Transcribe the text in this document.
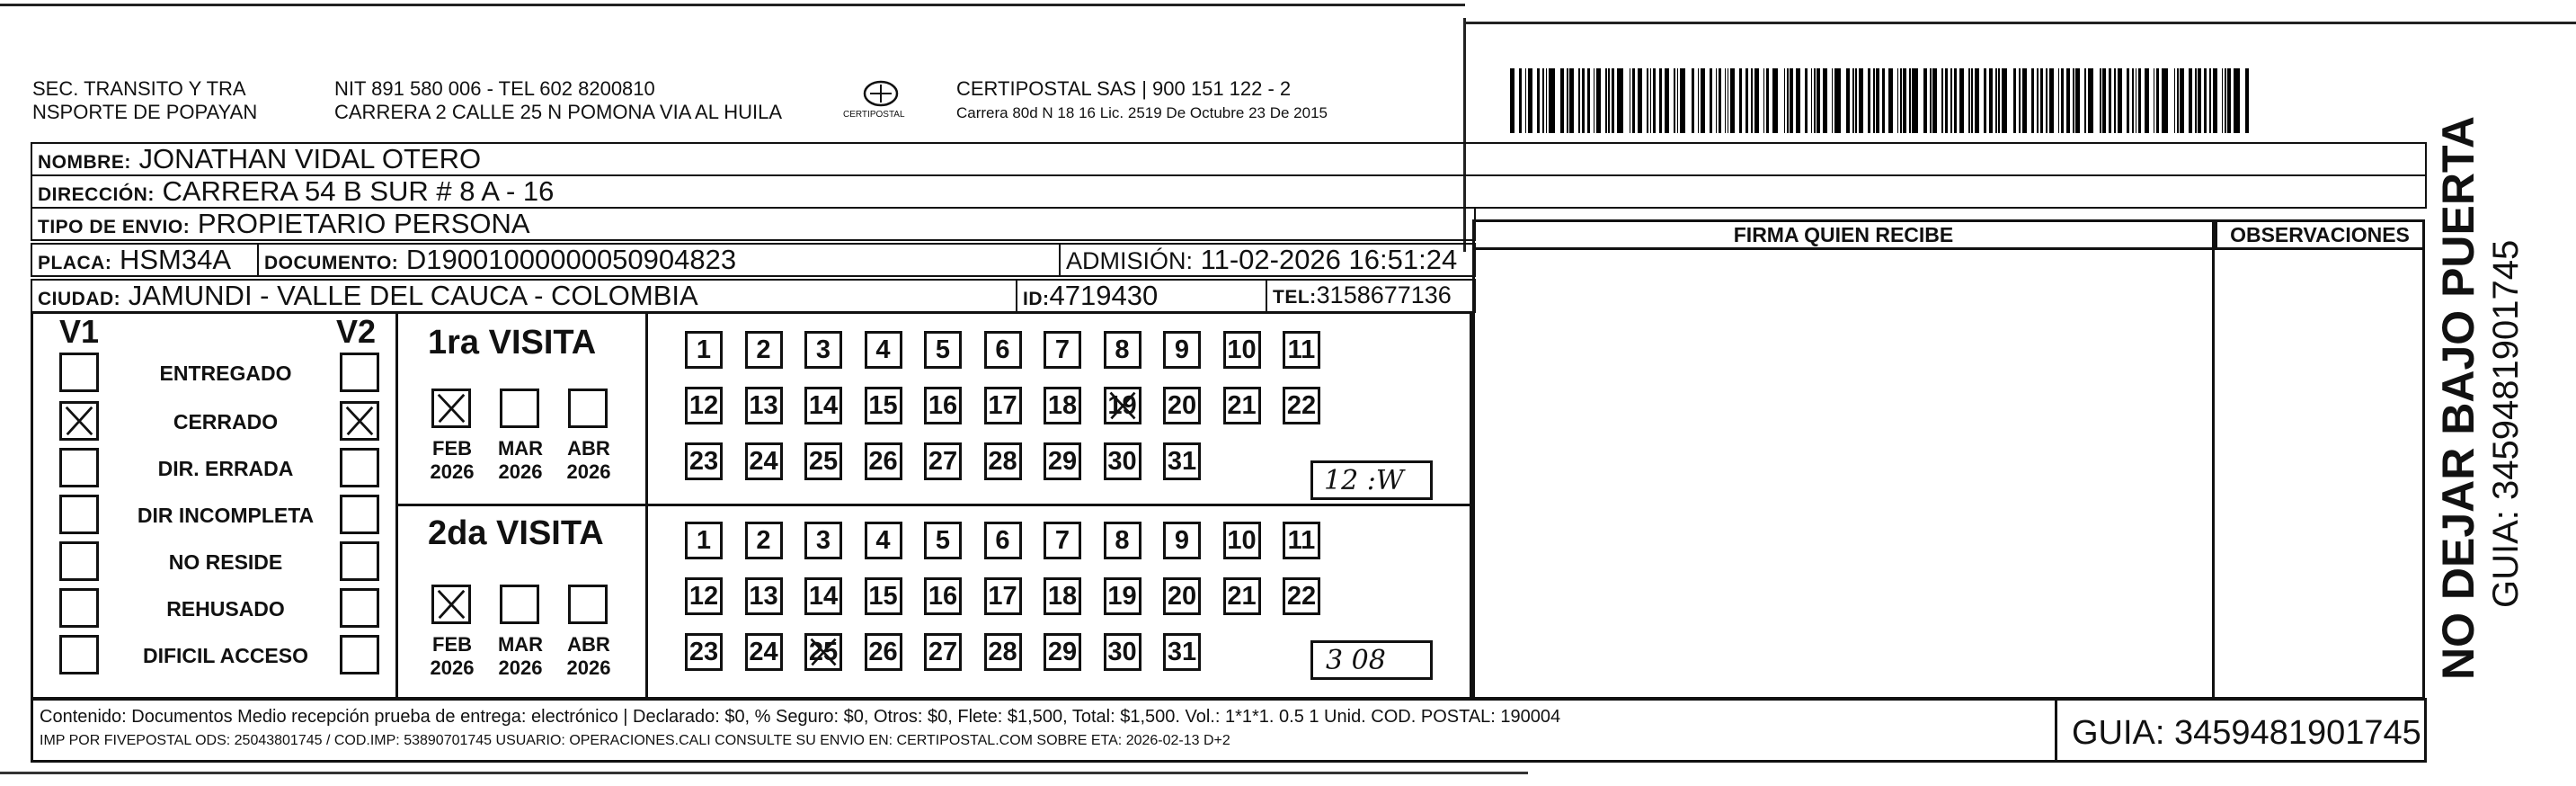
SEC. TRANSITO Y TRA
NSPORTE DE POPAYAN
NIT 891 580 006 - TEL 602 8200810
CARRERA 2 CALLE 25 N POMONA VIA AL HUILA	CERTIPOSTAL
CERTIPOSTAL SAS | 900 151 122 - 2
Carrera 80d N 18 16 Lic. 2519 De Octubre 23 De 2015
NOMBRE: JONATHAN VIDAL OTERO
DIRECCIÓN: CARRERA 54 B SUR # 8 A - 16
TIPO DE ENVIO: PROPIETARIO PERSONA
PLACA: HSM34A	DOCUMENTO: D19001000000050904823	ADMISIÓN: 11-02-2026 16:51:24
CIUDAD: JAMUNDI - VALLE DEL CAUCA - COLOMBIA	ID:4719430	TEL:3158677136
FIRMA QUIEN RECIBE	OBSERVACIONES
V1	V2
ENTREGADO
CERRADO
DIR. ERRADA
DIR INCOMPLETA
NO RESIDE
REHUSADO
DIFICIL ACCESO
1ra VISITA
2da VISITA
FEB
2026
MAR
2026
ABR
2026
FEB
2026
MAR
2026
ABR
2026
1	2	3	4	5	6	7	8	9	10 11
12 13 14 15 16 17 18 19 20 21 22
23 24 25 26 27 28 29 30 31
1	2	3	4	5	6	7	8	9	10 11
12 13 14 15 16 17 18 19 20 21 22
23 24 25 26 27 28 29 30 31
12 :W
3 08
Contenido: Documentos Medio recepción prueba de entrega: electrónico | Declarado: $0, % Seguro: $0, Otros: $0, Flete: $1,500, Total: $1,500. Vol.: 1*1*1. 0.5 1 Unid. COD. POSTAL: 190004
IMP POR FIVEPOSTAL ODS: 25043801745 / COD.IMP: 53890701745 USUARIO: OPERACIONES.CALI CONSULTE SU ENVIO EN: CERTIPOSTAL.COM SOBRE ETA: 2026-02-13 D+2	GUIA: 3459481901745
NO DEJAR BAJO PUERTA GUIA: 3459481901745
